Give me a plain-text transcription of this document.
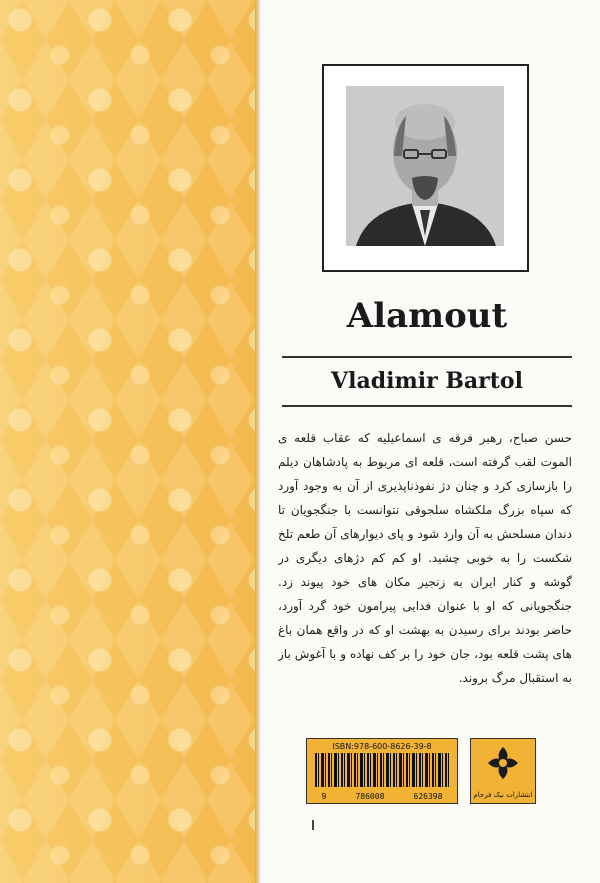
Alamout
Vladimir Bartol

حسن صباح، رهبر فرقه ی اسماعیلیه که عقاب قلعه ی الموت لقب گرفته است، قلعه ای مربوط به پادشاهان دیلم را بازسازی کرد و چنان دژ نفوذناپذیری از آن به وجود آورد که سپاه بزرگ ملکشاه سلجوقی نتوانست با جنگجویان تا دندان مسلحش به آن وارد شود و پای دیوارهای آن طعم تلخ شکست را به خوبی چشید. او کم کم دژهای دیگری در گوشه و کنار ایران به زنجیر مکان های خود پیوند زد. جنگجویانی که او با عنوان فدایی پیرامون خود گرد آورد، حاضر بودند برای رسیدن به بهشت او که در واقع همان باغ های پشت قلعه بود، جان خود را بر کف نهاده و با آغوش باز به استقبال مرگ بروند.

ISBN:978-600-8626-39-8
9	786008	626398	انتشارات نیک فرجام
